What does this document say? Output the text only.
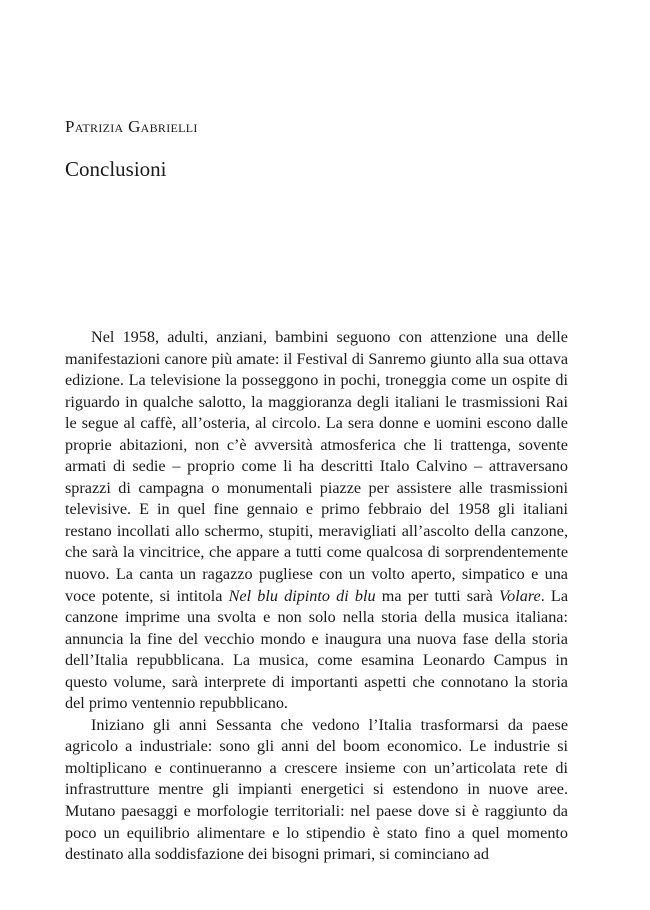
Patrizia Gabrielli
Conclusioni

Nel 1958, adulti, anziani, bambini seguono con attenzione una delle manifestazioni canore più amate: il Festival di Sanremo giunto alla sua ottava edizione. La televisione la posseggono in pochi, troneggia come un ospite di riguardo in qualche salotto, la maggioranza degli italiani le trasmissioni Rai le segue al caffè, all’osteria, al circolo. La sera donne e uomini escono dalle proprie abitazioni, non c’è avversità atmosferica che li trattenga, sovente armati di sedie – proprio come li ha descritti Italo Calvino – attraversano sprazzi di campagna o monumentali piazze per assistere alle trasmissioni televisive. E in quel fine gennaio e primo febbraio del 1958 gli italiani restano incollati allo schermo, stupiti, meravigliati all’ascolto della canzone, che sarà la vincitrice, che appare a tutti come qualcosa di sorprendentemente nuovo. La canta un ragazzo pugliese con un volto aperto, simpatico e una voce potente, si intitola Nel blu dipinto di blu ma per tutti sarà Volare. La canzone imprime una svolta e non solo nella storia della musica italiana: annuncia la fine del vecchio mondo e inaugura una nuova fase della storia dell’Italia repubblicana. La musica, come esamina Leonardo Campus in questo volume, sarà interprete di importanti aspetti che connotano la storia del primo ventennio repubblicano.

Iniziano gli anni Sessanta che vedono l’Italia trasformarsi da paese agricolo a industriale: sono gli anni del boom economico. Le industrie si moltiplicano e continueranno a crescere insieme con un’articolata rete di infrastrutture mentre gli impianti energetici si estendono in nuove aree. Mutano paesaggi e morfologie territoriali: nel paese dove si è raggiunto da poco un equilibrio alimentare e lo stipendio è stato fino a quel momento destinato alla soddisfazione dei bisogni primari, si cominciano ad
